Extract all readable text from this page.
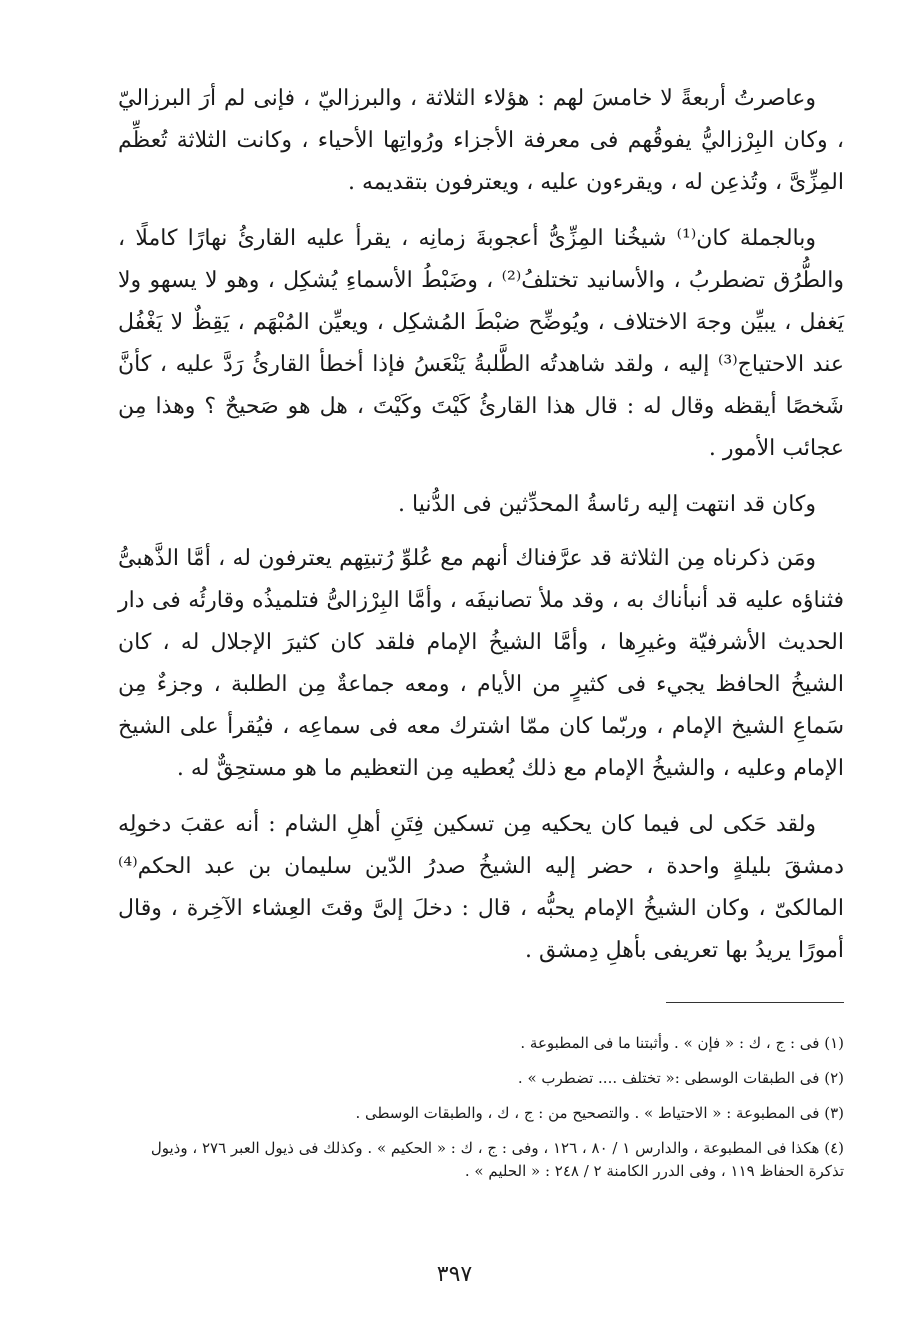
وعاصرتُ أربعةً لا خامسَ لهم : هؤلاء الثلاثة ، والبرزاليّ ، فإنى لم أرَ البرزاليّ ، وكان البِرْزاليُّ يفوقُهم فى معرفة الأجزاء ورُواتِها الأحياء ، وكانت الثلاثة تُعظِّم المِزِّىَّ ، وتُذعِن له ، ويقرءون عليه ، ويعترفون بتقديمه .

وبالجملة كان⁽¹⁾ شيخُنا المِزِّىُّ أعجوبةَ زمانِه ، يقرأ عليه القارئُ نهارًا كاملًا ، والطُّرُق تضطربُ ، والأسانيد تختلفُ⁽²⁾ ، وضَبْطُ الأسماءِ يُشكِل ، وهو لا يسهو ولا يَغفل ، يبيِّن وجهَ الاختلاف ، ويُوضِّح ضبْطَ المُشكِل ، ويعيِّن المُبْهَم ، يَقِظٌ لا يَغْفُل عند الاحتياج⁽³⁾ إليه ، ولقد شاهدتُه الطَّلبةُ يَنْعَسُ فإذا أخطأ القارئُ رَدَّ عليه ، كأنَّ شَخصًا أيقظه وقال له : قال هذا القارئُ كَيْتَ وكَيْتَ ، هل هو صَحيحٌ ؟ وهذا مِن عجائب الأمور .

وكان قد انتهت إليه رئاسةُ المحدِّثين فى الدُّنيا .

ومَن ذكرناه مِن الثلاثة قد عرَّفناك أنهم مع عُلوِّ رُتبتِهم يعترفون له ، أمَّا الذَّهبىُّ فثناؤه عليه قد أنبأناك به ، وقد ملأ تصانيفَه ، وأمَّا البِرْزالىُّ فتلميذُه وقارئُه فى دار الحديث الأشرفيّة وغيرِها ، وأمَّا الشيخُ الإمام فلقد كان كثيرَ الإجلال له ، كان الشيخُ الحافظ يجيء فى كثيرٍ من الأيام ، ومعه جماعةٌ مِن الطلبة ، وجزءٌ مِن سَماعِ الشيخ الإمام ، وربّما كان ممّا اشترك معه فى سماعِه ، فيُقرأ على الشيخ الإمام وعليه ، والشيخُ الإمام مع ذلك يُعطيه مِن التعظيم ما هو مستحِقٌّ له .

ولقد حَكى لى فيما كان يحكيه مِن تسكين فِتَنِ أهلِ الشام : أنه عقبَ دخولِه دمشقَ بليلةٍ واحدة ، حضر إليه الشيخُ صدرُ الدّين سليمان بن عبد الحكم⁽⁴⁾ المالكىّ ، وكان الشيخُ الإمام يحبُّه ، قال : دخلَ إلىَّ وقتَ العِشاء الآخِرة ، وقال أمورًا يريدُ بها تعريفى بأهلِ دِمشق .

(١) فى : ج ، ك : « فإن » . وأثبتنا ما فى المطبوعة .

(٢) فى الطبقات الوسطى :« تختلف .... تضطرب » .

(٣) فى المطبوعة : « الاحتياط » . والتصحيح من : ج ، ك ، والطبقات الوسطى .

(٤) هكذا فى المطبوعة ، والدارس ١ / ٨٠ ، ١٢٦ ، وفى : ج ، ك : « الحكيم » . وكذلك فى ذيول العبر ٢٧٦ ، وذيول تذكرة الحفاظ ١١٩ ، وفى الدرر الكامنة ٢ / ٢٤٨ : « الحليم » .

٣٩٧
